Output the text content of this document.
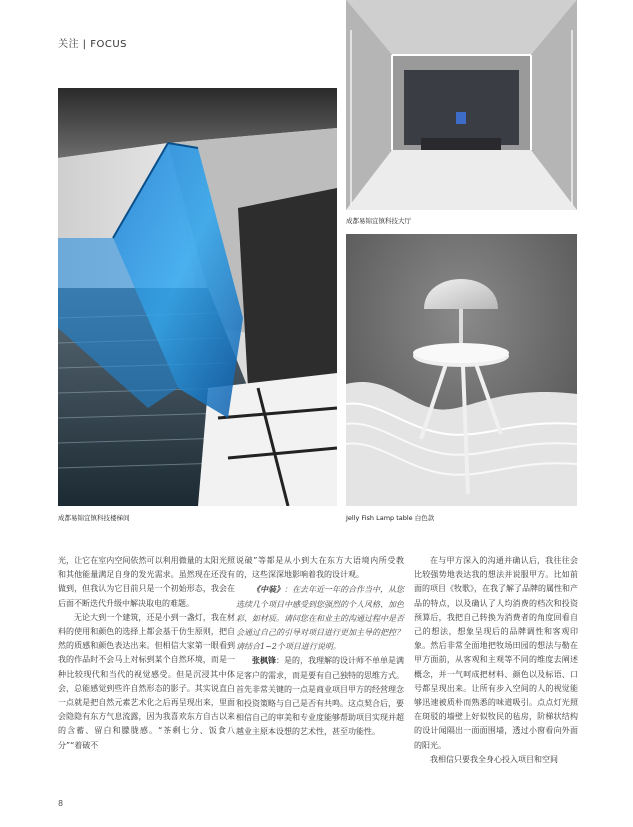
关注 | FOCUS
成都易锦宜镇科技楼梯间
成都易锦宜镇科技大厅
Jelly Fish Lamp table 白色款

光，让它在室内空间依然可以利用微量的太阳光照和其他能量满足自身的发光需求。虽然现在还没有做到，但我认为它目前只是一个初始形态，我会在后面不断迭代升级中解决取电的难题。

无论大到一个建筑，还是小到一盏灯，我在材料的使用和颜色的选择上都会基于仿生原则，把自然的质感和颜色表达出来。但相信大家第一眼看到我的作品时不会马上对标到某个自然环境，而是一种比较现代和当代的视觉感受。但是沉浸其中体会，总能感觉到些许自然形态的影子。其实说直白一点就是把自然元素艺术化之后再呈现出来，里面会隐隐有东方气息流露，因为我喜欢东方自古以来的含蓄、留白和朦胧感。“茶剩七分、饭食八分”“着破不

说破”等都是从小到大在东方大语境内所受教的，这些深深地影响着我的设计观。

《中装》：在去年近一年的合作当中，从您选续几个项目中感受到您强烈的个人风格、加色彩、如材质。请问您在和业主的沟通过程中是否会通过自己的引导对项目进行更加主导的把控？请结合1~2个项目进行说明。

张枫锋：是的，我理解的设计师不单单是满足客户的需求，而是要有自己独特的思维方式。首先非常关键的一点是商业项目甲方的经营理念和投资策略与自己是否有共鸣。这点契合后，要相信自己的审美和专业度能够帮助项目实现并超越业主原本设想的艺术性，甚至功能性。

在与甲方深入的沟通并确认后，我往往会比较强势地表达我的想法并说服甲方。比如前面的项目《牧歌》，在我了解了品牌的属性和产品的特点，以及确认了人均消费的档次和投资预算后，我把自己转换为消费者的角度回看自己的想法，想象呈现后的品牌调性和客观印象。然后非常全面地把牧场田园的想法与勒在甲方面前，从客观和主观等不同的维度去阐述概念，并一气呵成把材料、颜色以及标语、口号都呈现出来。让所有步入空间的人的视觉能够迅速被质朴而熟悉的味道吸引。点点灯光照在斑驳的墙壁上好似牧民的毡房，阶梯状结构的设计闻隔出一面面围墙，透过小窗看向外面的阳光。

我相信只要我全身心投入项目和空间

8
